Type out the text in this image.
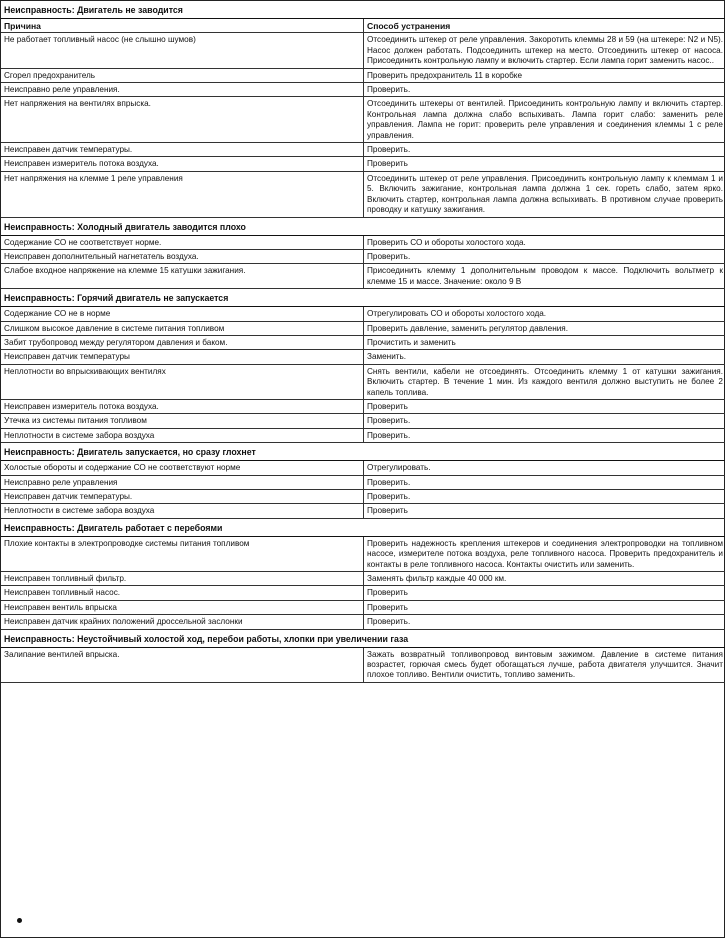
Неисправность: Двигатель не заводится	
Причина	Способ устранения
Не работает топливный насос (не слышно шумов)	Отсоединить штекер от реле управления. Закоротить клеммы 28 и 59 (на штекере: N2 и N5). Насос должен работать. Подсоединить штекер на место. Отсоединить штекер от насоса. Присоединить контрольную лампу и включить стартер. Если лампа горит заменить насос..
Сгорел предохранитель	Проверить предохранитель 11 в коробке
Неисправно реле управления.	Проверить.
Нет напряжения на вентилях впрыска.	Отсоединить штекеры от вентилей. Присоединить контрольную лампу и включить стартер. Контрольная лампа должна слабо вспыхивать. Лампа горит слабо: заменить реле управления. Лампа не горит: проверить реле управления и соединения клеммы 1 с реле управления.
Неисправен датчик температуры.	Проверить.
Неисправен измеритель потока воздуха.	Проверить
Нет напряжения на клемме 1 реле управления	Отсоединить штекер от реле управления. Присоединить контрольную лампу к клеммам 1 и 5. Включить зажигание, контрольная лампа должна 1 сек. гореть слабо, затем ярко. Включить стартер, контрольная лампа должна вспыхивать. В противном случае проверить проводку и катушку зажигания.
Неисправность: Холодный двигатель заводится плохо	
Содержание СО не соответствует норме.	Проверить СО и обороты холостого хода.
Неисправен дополнительный нагнетатель воздуха.	Проверить.
Слабое входное напряжение на клемме 15 катушки зажигания.	Присоединить клемму 1 дополнительным проводом к массе. Подключить вольтметр к клемме 15 и массе. Значение: около 9 В
Неисправность: Горячий двигатель не запускается	
Содержание СО не в норме	Отрегулировать СО и обороты холостого хода.
Слишком высокое давление в системе питания топливом	Проверить давление, заменить регулятор давления.
Забит трубопровод между регулятором давления и баком.	Прочистить и заменить
Неисправен датчик температуры	Заменить.
Неплотности во впрыскивающих вентилях	Снять вентили, кабели не отсоединять. Отсоединить клемму 1 от катушки зажигания. Включить стартер. В течение 1 мин. Из каждого вентиля должно выступить не более 2 капель топлива.
Неисправен измеритель потока воздуха.	Проверить
Утечка из системы питания топливом	Проверить.
Неплотности в системе забора воздуха	Проверить.
Неисправность: Двигатель запускается, но сразу глохнет	
Холостые обороты и содержание СО не соответствуют норме	Отрегулировать.
Неисправно реле управления	Проверить.
Неисправен датчик температуры.	Проверить.
Неплотности в системе забора воздуха	Проверить
Неисправность: Двигатель работает с перебоями	
Плохие контакты в электропроводке системы питания топливом	Проверить надежность крепления штекеров и соединения электропроводки на топливном насосе, измерителе потока воздуха, реле топливного насоса. Проверить предохранитель и контакты в реле топливного насоса. Контакты очистить или заменить.
Неисправен топливный фильтр.	Заменять фильтр каждые 40 000 км.
Неисправен топливный насос.	Проверить
Неисправен вентиль впрыска	Проверить
Неисправен датчик крайних положений дроссельной заслонки	Проверить.
Неисправность: Неустойчивый холостой ход, перебои работы, хлопки при увеличении газа	
Залипание вентилей впрыска.	Зажать возвратный топливопровод винтовым зажимом. Давление в системе питания возрастет, горючая смесь будет обогащаться лучше, работа двигателя улучшится. Значит плохое топливо. Вентили очистить, топливо заменить.
